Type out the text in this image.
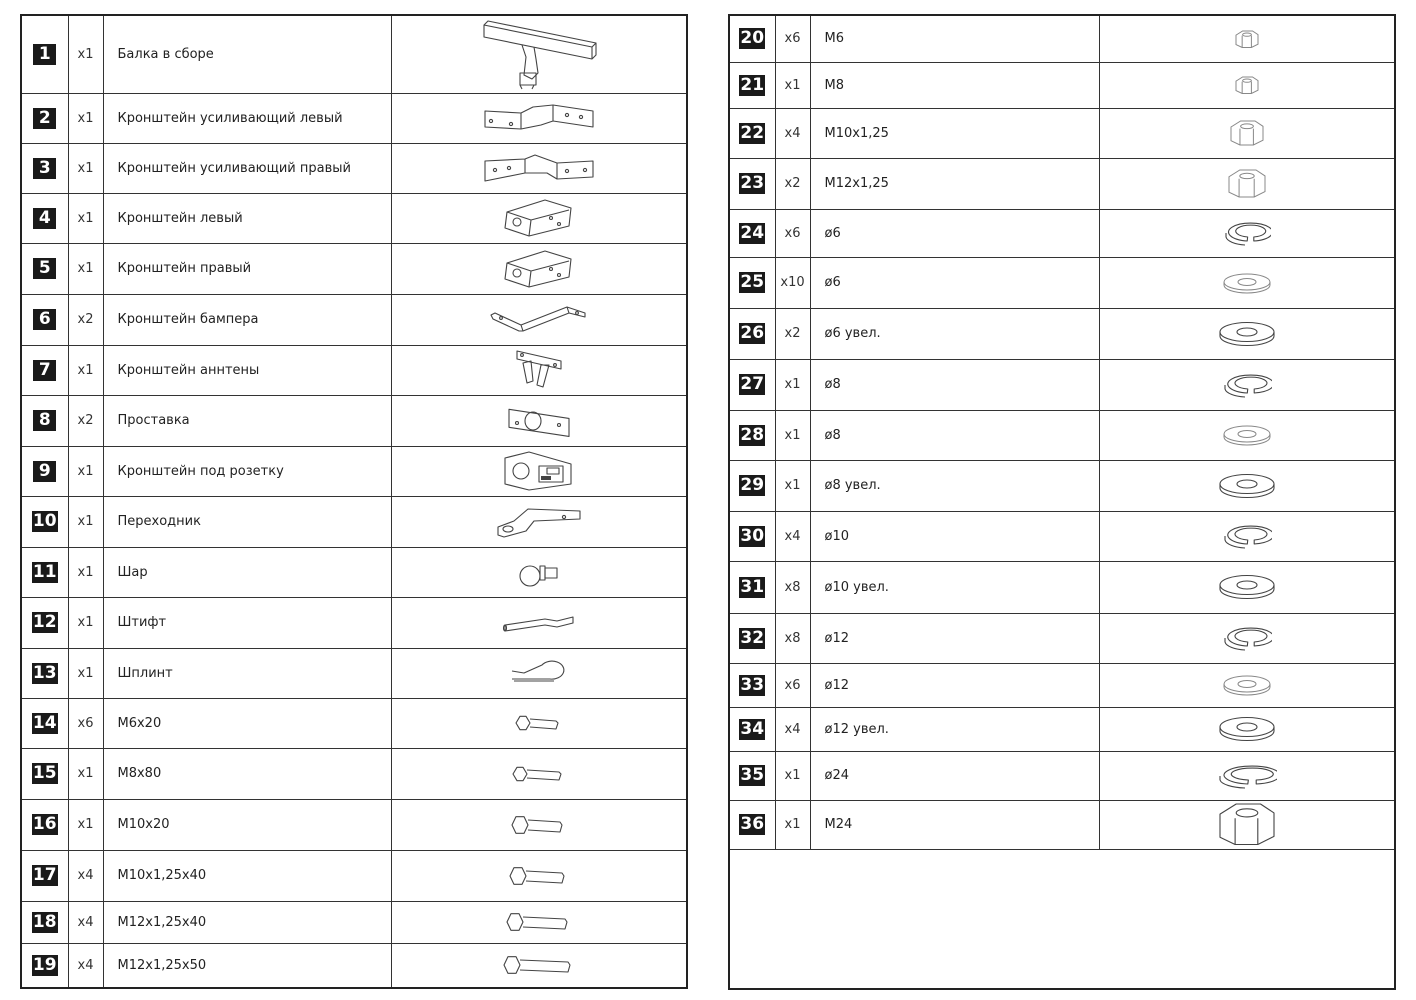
1	x1	Балка в сборе	

2	x1	Кронштейн усиливающий левый	

3	x1	Кронштейн усиливающий правый	

4	x1	Кронштейн левый	

5	x1	Кронштейн правый	

6	x2	Кронштейн бампера	

7	x1	Кронштейн аннтены	

8	x2	Проставка	

9	x1	Кронштейн под розетку	

10	x1	Переходник	

11	x1	Шар	

12	x1	Штифт	

13	x1	Шплинт	

14	x6	M6x20	

15	x1	M8x80	

16	x1	M10x20	

17	x4	M10x1,25x40	

18	x4	M12x1,25x40	

19	x4	M12x1,25x50	
20	x6	M6	

21	x1	M8	

22	x4	M10x1,25	

23	x2	M12x1,25	

24	x6	ø6	

25	x10	ø6	

26	x2	ø6 увел.	

27	x1	ø8	

28	x1	ø8	

29	x1	ø8 увел.	

30	x4	ø10	

31	x8	ø10 увел.	

32	x8	ø12	

33	x6	ø12	

34	x4	ø12 увел.	

35	x1	ø24	

36	x1	M24	
